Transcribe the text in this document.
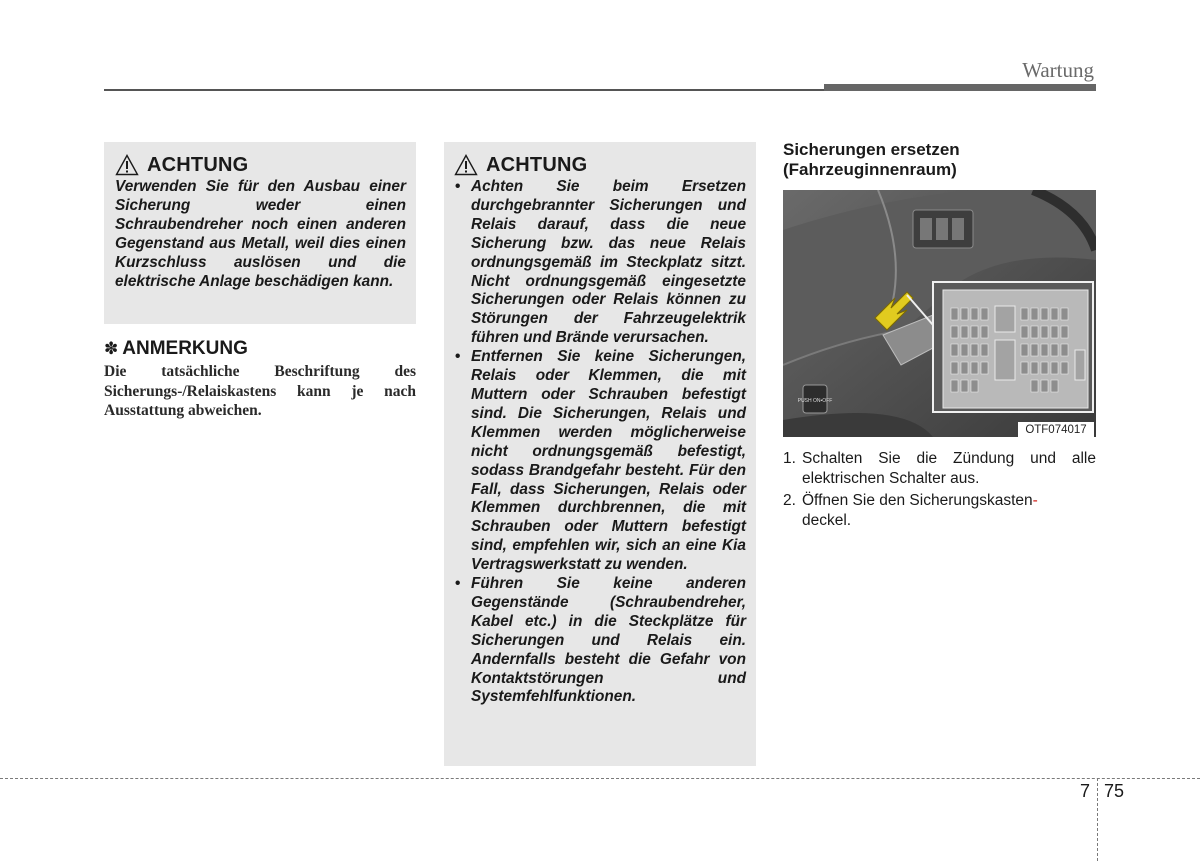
Wartung
ACHTUNG

Verwenden Sie für den Ausbau einer Sicherung weder einen Schraubendreher noch einen anderen Gegenstand aus Metall, weil dies einen Kurzschluss auslösen und die elektrische Anlage beschädigen kann.

✽ ANMERKUNG

Die tatsächliche Beschriftung des Sicherungs-/Relaiskastens kann je nach Ausstattung abweichen.

ACHTUNG
• Achten Sie beim Ersetzen durchgebrannter Sicherungen und Relais darauf, dass die neue Sicherung bzw. das neue Relais ordnungsgemäß im Steckplatz sitzt. Nicht ordnungsgemäß eingesetzte Sicherungen oder Relais können zu Störungen der Fahrzeugelektrik führen und Brände verursachen.
• Entfernen Sie keine Sicherungen, Relais oder Klemmen, die mit Muttern oder Schrauben befestigt sind. Die Sicherungen, Relais und Klemmen werden möglicherweise nicht ordnungsgemäß befestigt, sodass Brandgefahr besteht. Für den Fall, dass Sicherungen, Relais oder Klemmen durchbrennen, die mit Schrauben oder Muttern befestigt sind, empfehlen wir, sich an eine Kia Vertragswerkstatt zu wenden.
• Führen Sie keine anderen Gegenstände (Schraubendreher, Kabel etc.) in die Steckplätze für Sicherungen und Relais ein. Andernfalls besteht die Gefahr von Kontaktstörungen und Systemfehlfunktionen.
Sicherungen ersetzen (Fahrzeuginnenraum)
PUSH ON•OFF
OTF074017
1. Schalten Sie die Zündung und alle elektrischen Schalter aus.
2. Öffnen Sie den Sicherungskasten-
deckel.
7 75
